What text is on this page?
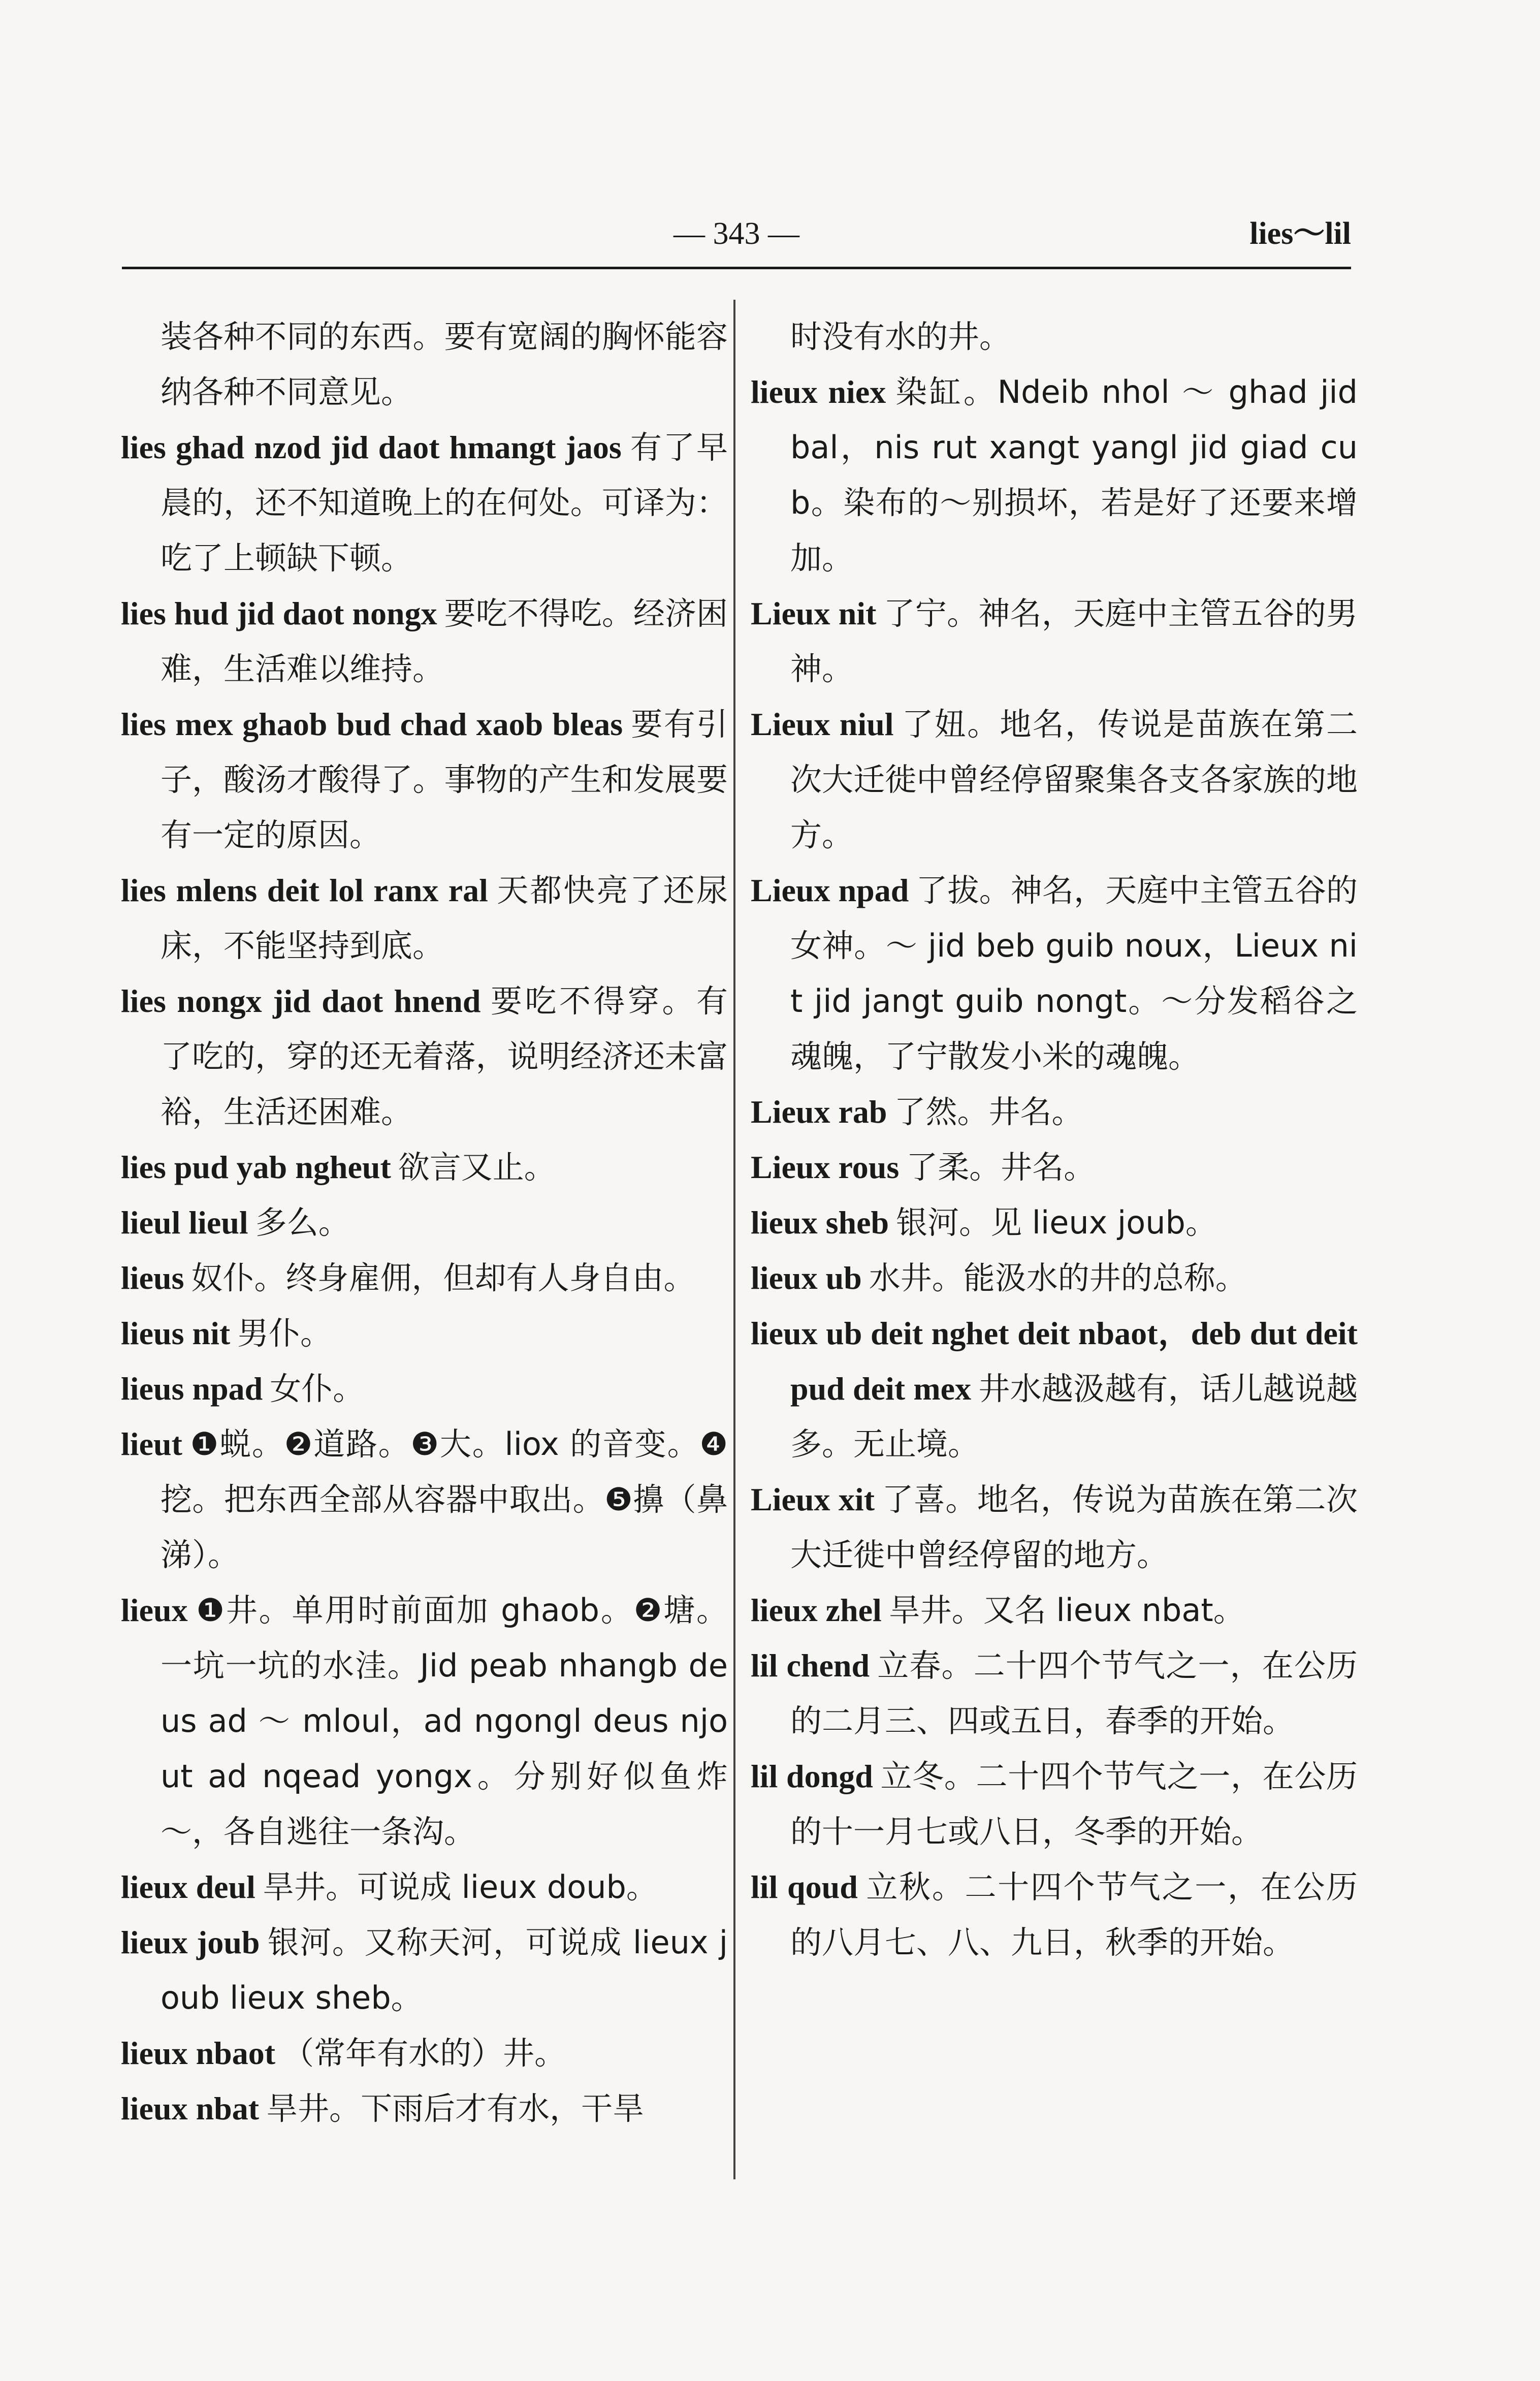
— 343 —	lies～lil
装各种不同的东西。要有宽阔的胸怀能容纳各种不同意见。
lies ghad nzod jid daot hmangt jaos 有了早晨的，还不知道晚上的在何处。可译为：吃了上顿缺下顿。
lies hud jid daot nongx 要吃不得吃。经济困难，生活难以维持。
lies mex ghaob bud chad xaob bleas 要有引子，酸汤才酸得了。事物的产生和发展要有一定的原因。
lies mlens deit lol ranx ral 天都快亮了还尿床，不能坚持到底。
lies nongx jid daot hnend 要吃不得穿。有了吃的，穿的还无着落，说明经济还未富裕，生活还困难。
lies pud yab ngheut 欲言又止。
lieul lieul 多么。
lieus 奴仆。终身雇佣，但却有人身自由。
lieus nit 男仆。
lieus npad 女仆。
lieut ❶蜕。❷道路。❸大。liox 的音变。❹挖。把东西全部从容器中取出。❺擤（鼻涕）。
lieux ❶井。单用时前面加 ghaob。❷塘。一坑一坑的水洼。Jid peab nhangb deus ad ～ mloul，ad ngongl deus njout ad nqead yongx。分别好似鱼炸～，各自逃往一条沟。
lieux deul 旱井。可说成 lieux doub。
lieux joub 银河。又称天河，可说成 lieux joub lieux sheb。
lieux nbaot （常年有水的）井。
lieux nbat 旱井。下雨后才有水，干旱
时没有水的井。
lieux niex 染缸。Ndeib nhol ～ ghad jid bal，nis rut xangt yangl jid giad cub。染布的～别损坏，若是好了还要来增加。
Lieux nit 了宁。神名，天庭中主管五谷的男神。
Lieux niul 了妞。地名，传说是苗族在第二次大迁徙中曾经停留聚集各支各家族的地方。
Lieux npad 了拔。神名，天庭中主管五谷的女神。～ jid beb guib noux，Lieux nit jid jangt guib nongt。～分发稻谷之魂魄，了宁散发小米的魂魄。
Lieux rab 了然。井名。
Lieux rous 了柔。井名。
lieux sheb 银河。见 lieux joub。
lieux ub 水井。能汲水的井的总称。
lieux ub deit nghet deit nbaot，deb dut deit pud deit mex 井水越汲越有，话儿越说越多。无止境。
Lieux xit 了喜。地名，传说为苗族在第二次大迁徙中曾经停留的地方。
lieux zhel 旱井。又名 lieux nbat。
lil chend 立春。二十四个节气之一，在公历的二月三、四或五日，春季的开始。
lil dongd 立冬。二十四个节气之一，在公历的十一月七或八日，冬季的开始。
lil qoud 立秋。二十四个节气之一，在公历的八月七、八、九日，秋季的开始。
